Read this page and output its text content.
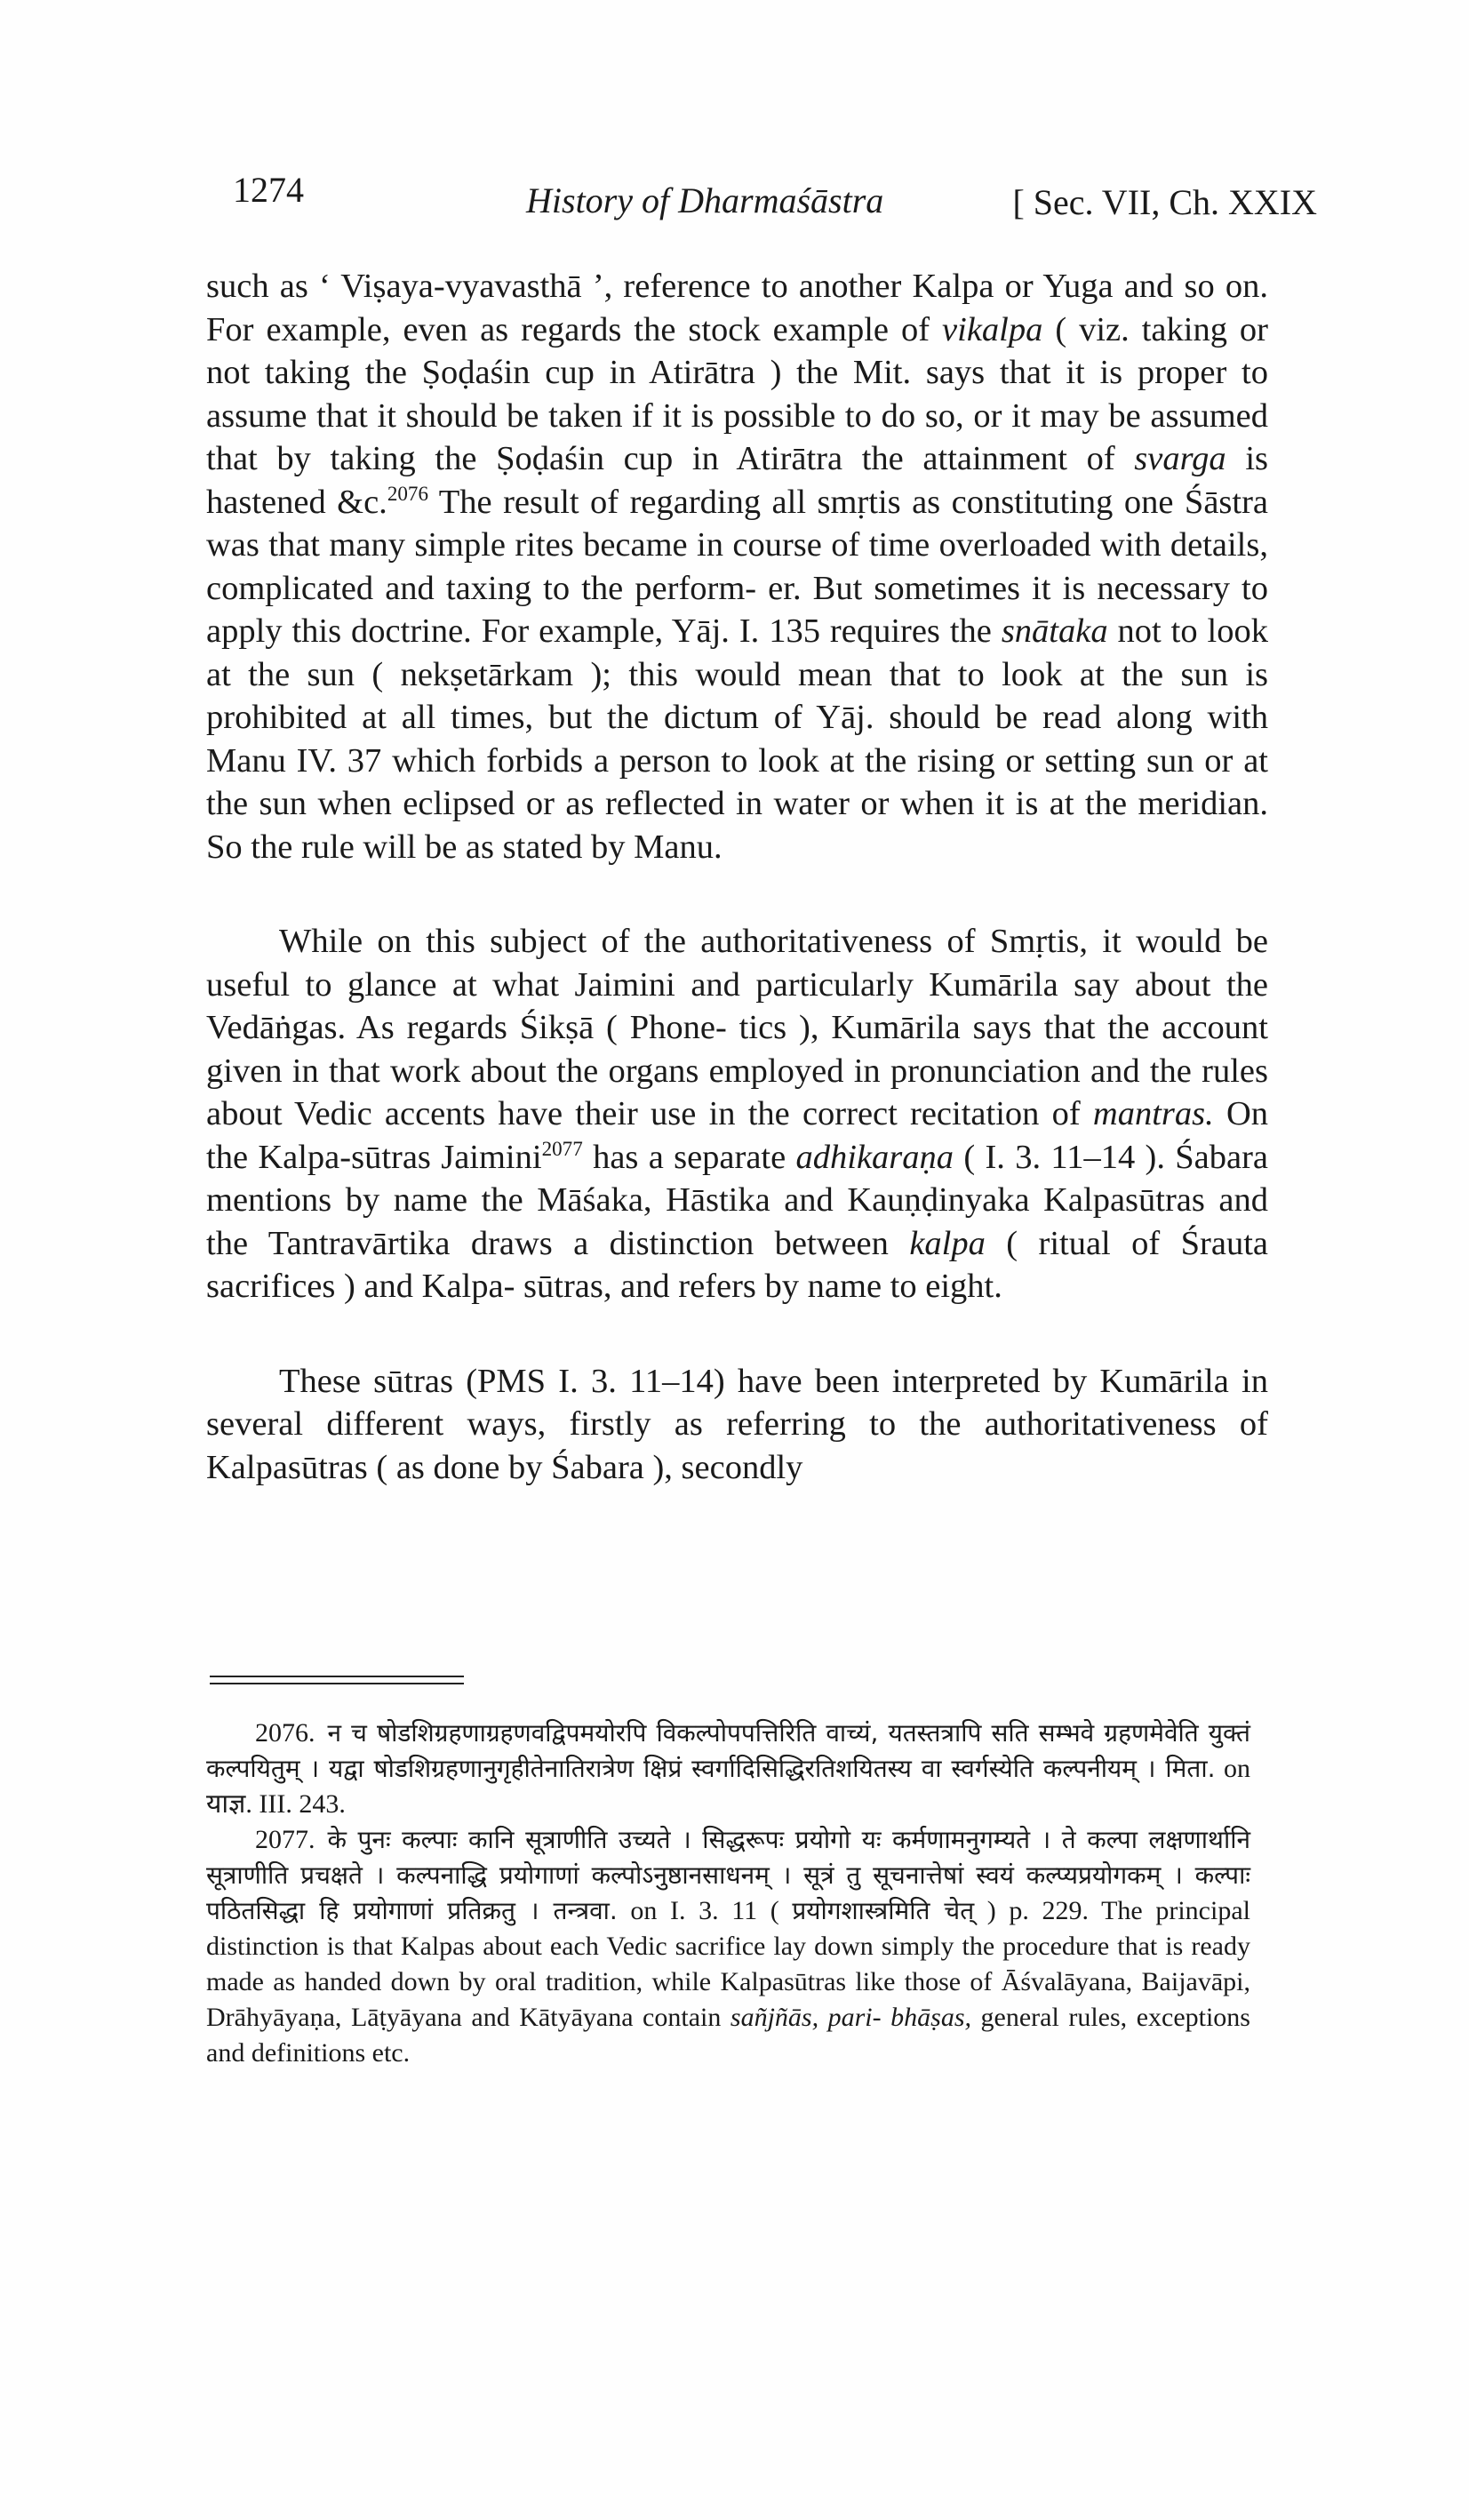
1274	History of Dharmaśāstra	[ Sec. VII, Ch. XXIX

such as ‘ Viṣaya-vyavasthā ’, reference to another Kalpa or Yuga and so on. For example, even as regards the stock example of vikalpa ( viz. taking or not taking the Ṣoḍaśin cup in Atirātra ) the Mit. says that it is proper to assume that it should be taken if it is possible to do so, or it may be assumed that by taking the Ṣoḍaśin cup in Atirātra the attainment of svarga is hastened &c.$^{2076}$ The result of regarding all smṛtis as constituting one Śāstra was that many simple rites became in course of time overloaded with details, complicated and taxing to the perform- er. But sometimes it is necessary to apply this doctrine. For example, Yāj. I. 135 requires the snātaka not to look at the sun ( nekṣetārkam ); this would mean that to look at the sun is prohibited at all times, but the dictum of Yāj. should be read along with Manu IV. 37 which forbids a person to look at the rising or setting sun or at the sun when eclipsed or as reflected in water or when it is at the meridian. So the rule will be as stated by Manu.

While on this subject of the authoritativeness of Smṛtis, it would be useful to glance at what Jaimini and particularly Kumārila say about the Vedāṅgas. As regards Śikṣā ( Phone- tics ), Kumārila says that the account given in that work about the organs employed in pronunciation and the rules about Vedic accents have their use in the correct recitation of mantras. On the Kalpa-sūtras Jaimini$^{2077}$ has a separate adhikaraṇa ( I. 3. 11–14 ). Śabara mentions by name the Māśaka, Hāstika and Kauṇḍinyaka Kalpasūtras and the Tantravārtika draws a distinction between kalpa ( ritual of Śrauta sacrifices ) and Kalpa- sūtras, and refers by name to eight.

These sūtras (PMS I. 3. 11–14) have been interpreted by Kumārila in several different ways, firstly as referring to the authoritativeness of Kalpasūtras ( as done by Śabara ), secondly

2076. न च षोडशिग्रहणाग्रहणवद्विपमयोरपि विकल्पोपपत्तिरिति वाच्यं, यतस्तत्रापि सति सम्भवे ग्रहणमेवेति युक्तं कल्पयितुम् । यद्वा षोडशिग्रहणानुगृहीतेनातिरात्रेण क्षिप्रं स्वर्गादिसिद्धिरतिशयितस्य वा स्वर्गस्येति कल्पनीयम् । मिता. on याज्ञ. III. 243.

2077. के पुनः कल्पाः कानि सूत्राणीति उच्यते । सिद्धरूपः प्रयोगो यः कर्मणामनुगम्यते । ते कल्पा लक्षणार्थानि सूत्राणीति प्रचक्षते । कल्पनाद्धि प्रयोगाणां कल्पोऽनुष्ठानसाधनम् । सूत्रं तु सूचनात्तेषां स्वयं कल्प्यप्रयोगकम् । कल्पाः पठितसिद्धा हि प्रयोगाणां प्रतिक्रतु । तन्त्रवा. on I. 3. 11 ( प्रयोगशास्त्रमिति चेत् ) p. 229. The principal distinction is that Kalpas about each Vedic sacrifice lay down simply the procedure that is ready made as handed down by oral tradition, while Kalpasūtras like those of Āśvalāyana, Baijavāpi, Drāhyāyaṇa, Lāṭyāyana and Kātyāyana contain sañjñās, pari- bhāṣas, general rules, exceptions and definitions etc.
